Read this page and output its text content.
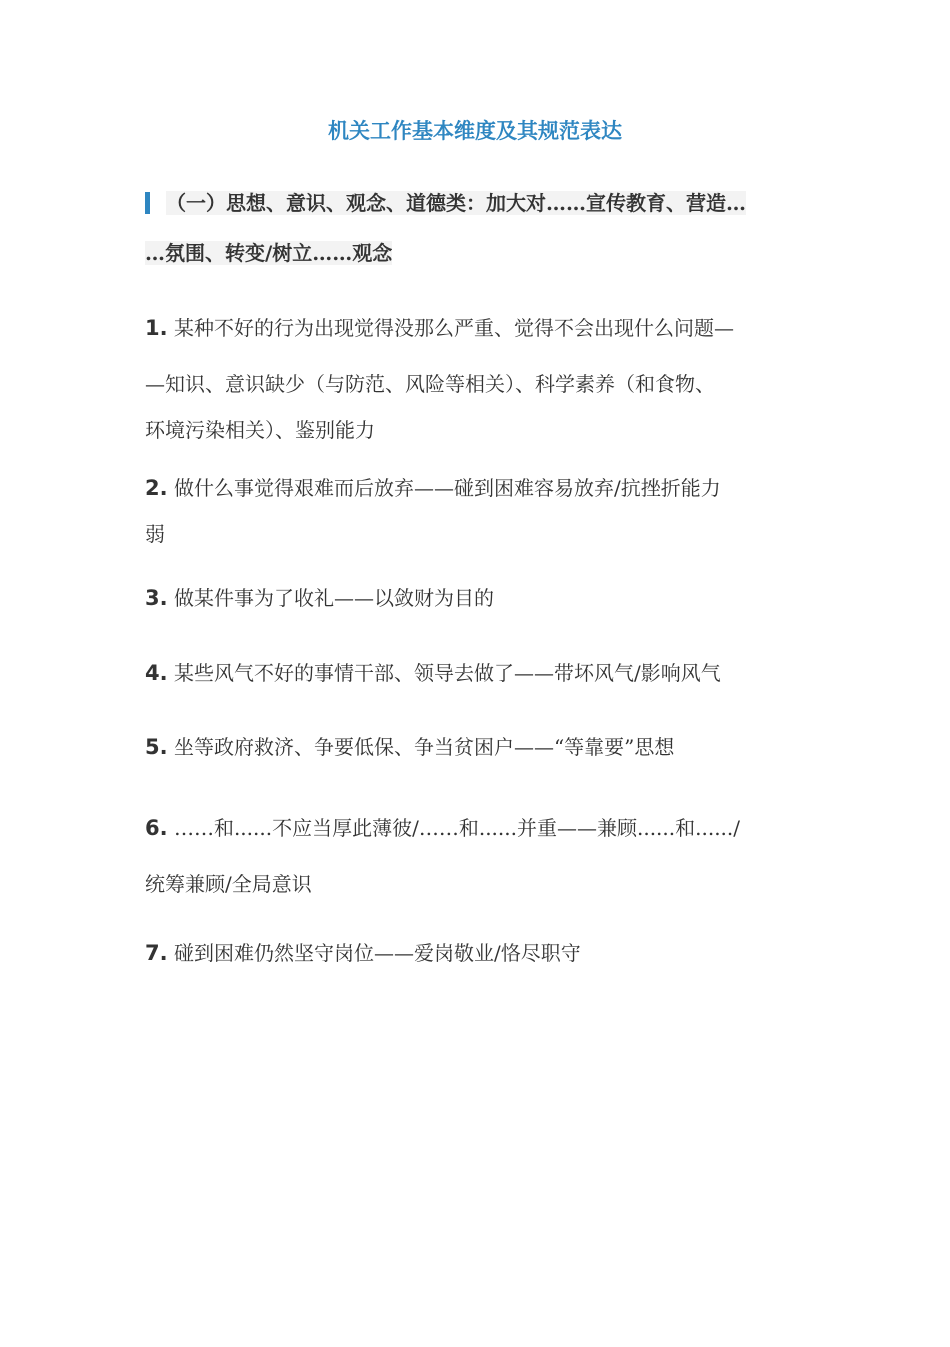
机关工作基本维度及其规范表达
（一）思想、意识、观念、道德类：加大对……宣传教育、营造…
…氛围、转变/树立……观念
1. 某种不好的行为出现觉得没那么严重、觉得不会出现什么问题—
—知识、意识缺少（与防范、风险等相关）、科学素养（和食物、
环境污染相关）、鉴别能力
2. 做什么事觉得艰难而后放弃——碰到困难容易放弃/抗挫折能力
弱
3. 做某件事为了收礼——以敛财为目的
4. 某些风气不好的事情干部、领导去做了——带坏风气/影响风气
5. 坐等政府救济、争要低保、争当贫困户——“等靠要”思想
6. ……和......不应当厚此薄彼/……和......并重——兼顾......和....../
统筹兼顾/全局意识
7. 碰到困难仍然坚守岗位——爱岗敬业/恪尽职守
